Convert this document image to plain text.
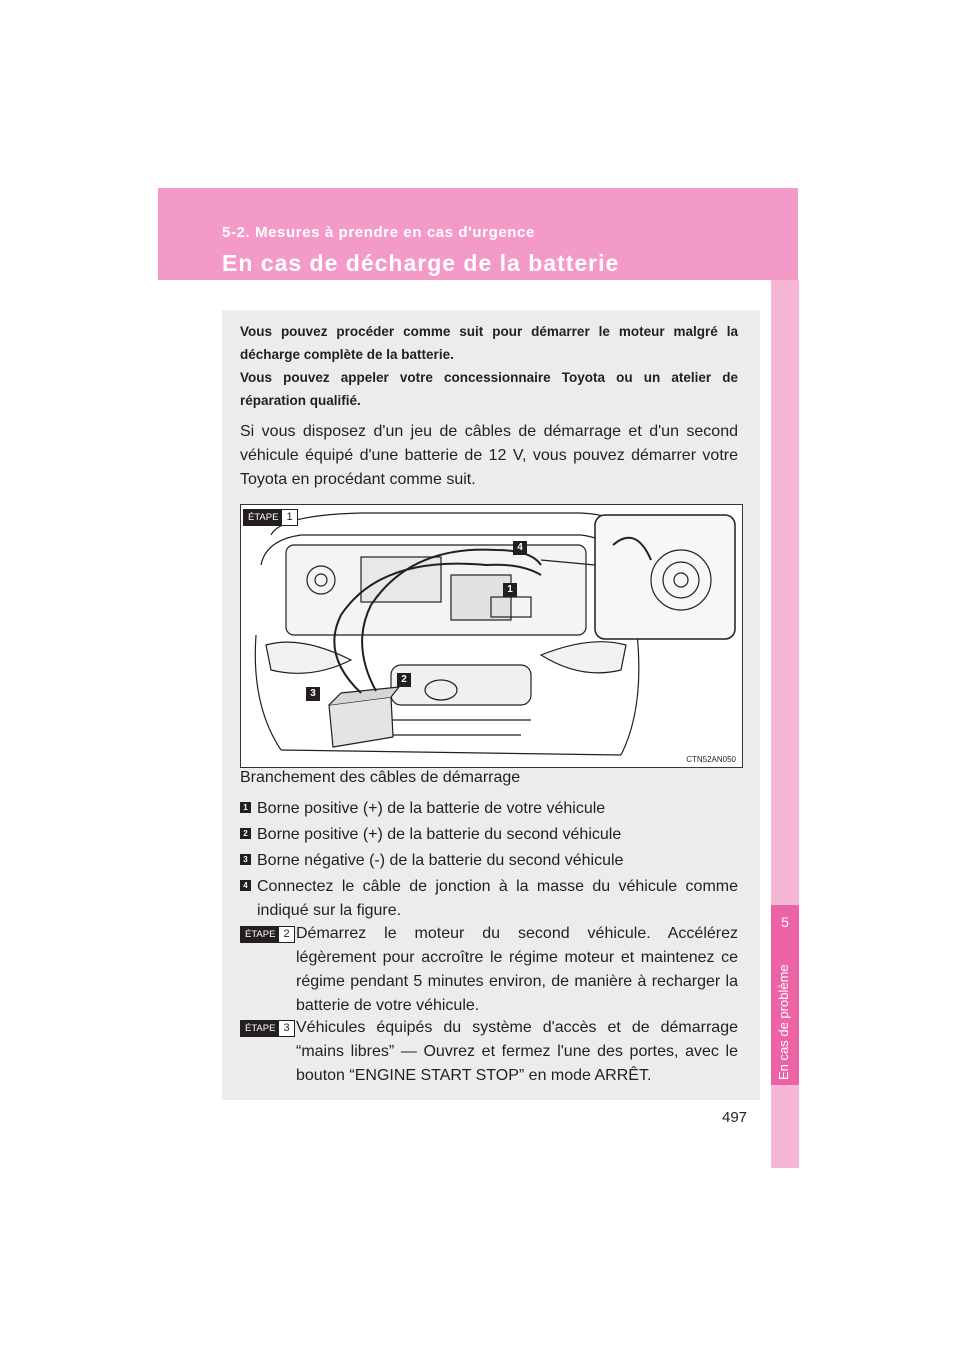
5-2. Mesures à prendre en cas d'urgence
En cas de décharge de la batterie
5
En cas de problème
Vous pouvez procéder comme suit pour démarrer le moteur malgré la décharge complète de la batterie.
Vous pouvez appeler votre concessionnaire Toyota ou un atelier de réparation qualifié.
Si vous disposez d'un jeu de câbles de démarrage et d'un second véhicule équipé d'une batterie de 12 V, vous pouvez démarrer votre Toyota en procédant comme suit.
ÉTAPE 1
1
2
3
4
CTN52AN050
Branchement des câbles de démarrage
1 Borne positive (+) de la batterie de votre véhicule
2 Borne positive (+) de la batterie du second véhicule
3 Borne négative (-) de la batterie du second véhicule
4 Connectez le câble de jonction à la masse du véhicule comme indiqué sur la figure.
ÉTAPE 2 Démarrez le moteur du second véhicule. Accélérez légèrement pour accroître le régime moteur et maintenez ce régime pendant 5 minutes environ, de manière à recharger la batterie de votre véhicule.
ÉTAPE 3 Véhicules équipés du système d'accès et de démarrage “mains libres” — Ouvrez et fermez l'une des portes, avec le bouton “ENGINE START STOP” en mode ARRÊT.
497
